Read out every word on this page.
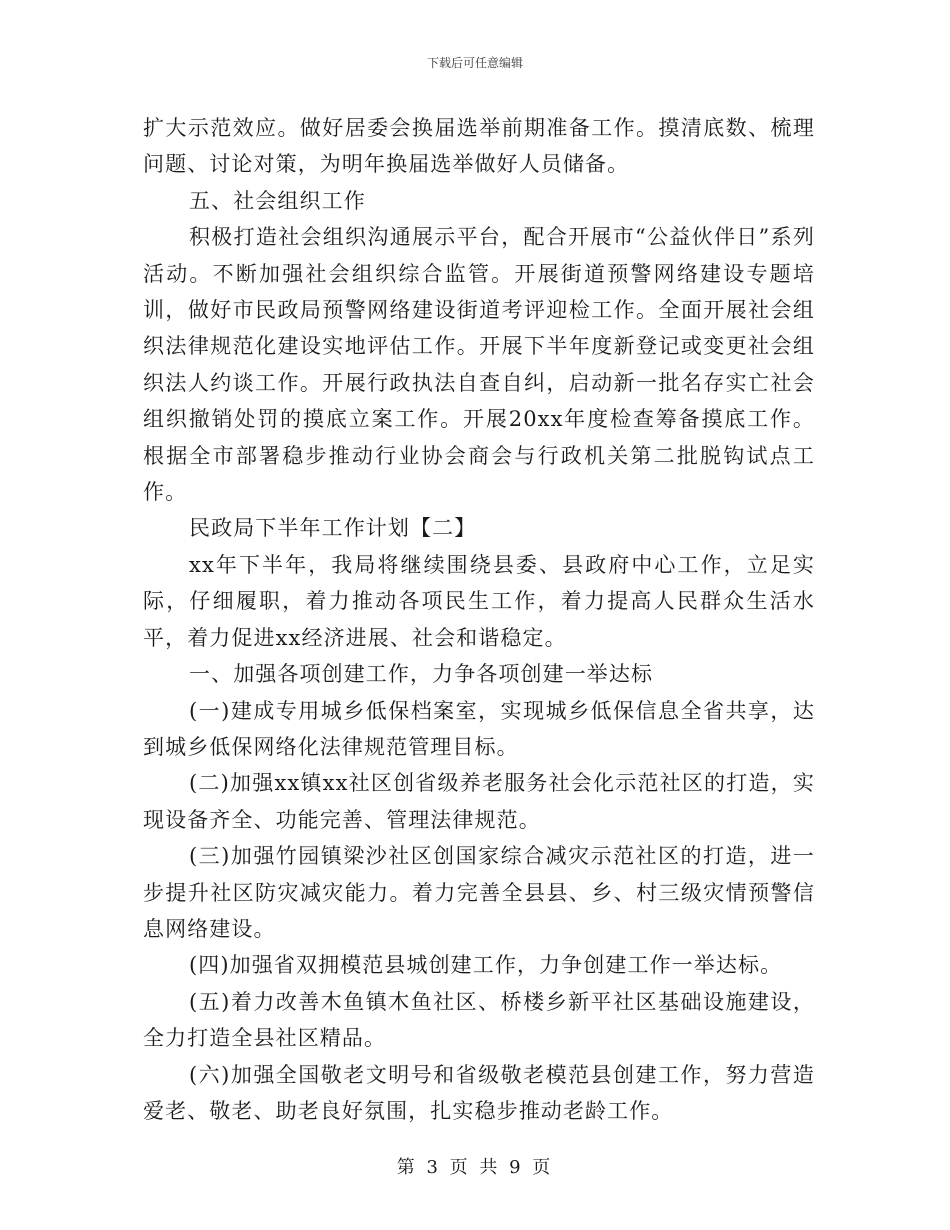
下载后可任意编辑

扩大示范效应。做好居委会换届选举前期准备工作。摸清底数、梳理问题、讨论对策，为明年换届选举做好人员储备。

五、社会组织工作

积极打造社会组织沟通展示平台，配合开展市“公益伙伴日”系列活动。不断加强社会组织综合监管。开展街道预警网络建设专题培训，做好市民政局预警网络建设街道考评迎检工作。全面开展社会组织法律规范化建设实地评估工作。开展下半年度新登记或变更社会组织法人约谈工作。开展行政执法自查自纠，启动新一批名存实亡社会组织撤销处罚的摸底立案工作。开展20xx年度检查筹备摸底工作。根据全市部署稳步推动行业协会商会与行政机关第二批脱钩试点工作。

民政局下半年工作计划【二】

xx年下半年，我局将继续围绕县委、县政府中心工作，立足实际，仔细履职，着力推动各项民生工作，着力提高人民群众生活水平，着力促进xx经济进展、社会和谐稳定。

一、加强各项创建工作，力争各项创建一举达标

(一)建成专用城乡低保档案室，实现城乡低保信息全省共享，达到城乡低保网络化法律规范管理目标。

(二)加强xx镇xx社区创省级养老服务社会化示范社区的打造，实现设备齐全、功能完善、管理法律规范。

(三)加强竹园镇梁沙社区创国家综合减灾示范社区的打造，进一步提升社区防灾减灾能力。着力完善全县县、乡、村三级灾情预警信息网络建设。

(四)加强省双拥模范县城创建工作，力争创建工作一举达标。

(五)着力改善木鱼镇木鱼社区、桥楼乡新平社区基础设施建设，全力打造全县社区精品。

(六)加强全国敬老文明号和省级敬老模范县创建工作，努力营造爱老、敬老、助老良好氛围，扎实稳步推动老龄工作。

第 3 页 共 9 页
